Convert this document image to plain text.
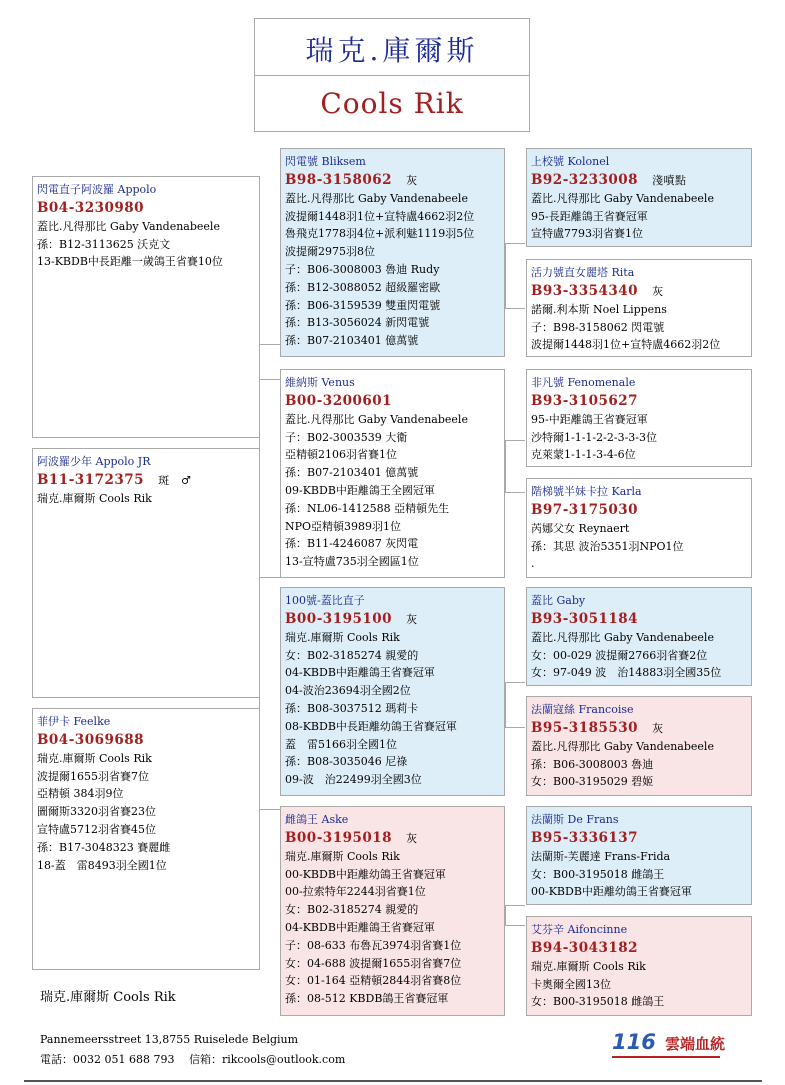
瑞克.庫爾斯
Cools Rik
閃電直子阿波羅 Appolo
B04-3230980
蓋比.凡得那比 Gaby Vandenabeele
孫：B12-3113625 沃克文
13-KBDB中長距離一歲鴿王省賽10位
阿波羅少年 Appolo JR
B11-3172375 斑　♂
瑞克.庫爾斯 Cools Rik
菲伊卡 Feelke
B04-3069688
瑞克.庫爾斯 Cools Rik
波提爾1655羽省賽7位
亞精頓 384羽9位
圖爾斯3320羽省賽23位
宣特盧5712羽省賽45位
孫：B17-3048323 賽麗雌
18-蓋　雷8493羽全國1位
閃電號 Bliksem
B98-3158062 灰
蓋比.凡得那比 Gaby Vandenabeele
波提爾1448羽1位+宣特盧4662羽2位
魯飛克1778羽4位+派利魅1119羽5位
波提爾2975羽8位
子：B06-3008003 魯迪 Rudy
孫：B12-3088052 超級羅密歐
孫：B06-3159539 雙重閃電號
孫：B13-3056024 新閃電號
孫：B07-2103401 億萬號
維納斯 Venus
B00-3200601
蓋比.凡得那比 Gaby Vandenabeele
子：B02-3003539 大衛
亞精頓2106羽省賽1位
孫：B07-2103401 億萬號
09-KBDB中距離鴿王全國冠軍
孫：NL06-1412588 亞精頓先生
NPO亞精頓3989羽1位
孫：B11-4246087 灰閃電
13-宣特盧735羽全國區1位
100號-蓋比直子
B00-3195100 灰
瑞克.庫爾斯 Cools Rik
女：B02-3185274 親愛的
04-KBDB中距離鴿王省賽冠軍
04-波治23694羽全國2位
孫：B08-3037512 瑪莉卡
08-KBDB中長距離幼鴿王省賽冠軍
蓋　雷5166羽全國1位
孫：B08-3035046 尼祿
09-波　治22499羽全國3位
雌鴿王 Aske
B00-3195018 灰
瑞克.庫爾斯 Cools Rik
00-KBDB中距離幼鴿王省賽冠軍
00-拉索特年2244羽省賽1位
女：B02-3185274 親愛的
04-KBDB中距離鴿王省賽冠軍
子：08-633 布魯瓦3974羽省賽1位
女：04-688 波提爾1655羽省賽7位
女：01-164 亞精頓2844羽省賽8位
孫：08-512 KBDB鴿王省賽冠軍
上校號 Kolonel
B92-3233008 淺噴點
蓋比.凡得那比 Gaby Vandenabeele
95-長距離鴿王省賽冠軍
宣特盧7793羽省賽1位
活力號直女麗塔 Rita
B93-3354340 灰
諾爾.利本斯 Noel Lippens
子：B98-3158062 閃電號
波提爾1448羽1位+宣特盧4662羽2位
非凡號 Fenomenale
B93-3105627
95-中距離鴿王省賽冠軍
沙特爾1-1-1-2-2-3-3-3位
克萊蒙1-1-1-3-4-6位
階梯號半妹卡拉 Karla
B97-3175030
芮娜父女 Reynaert
孫：其思 波治5351羽NPO1位
.
蓋比 Gaby
B93-3051184
蓋比.凡得那比 Gaby Vandenabeele
女：00-029 波提爾2766羽省賽2位
女：97-049 波　治14883羽全國35位
法蘭寇絲 Francoise
B95-3185530 灰
蓋比.凡得那比 Gaby Vandenabeele
孫：B06-3008003 魯迪
女：B00-3195029 碧姬
法蘭斯 De Frans
B95-3336137
法蘭斯-芙麗達 Frans-Frida
女：B00-3195018 雌鴿王
00-KBDB中距離幼鴿王省賽冠軍
艾芬辛 Aifoncinne
B94-3043182
瑞克.庫爾斯 Cools Rik
卡奧爾全國13位
女：B00-3195018 雌鴿王
瑞克.庫爾斯 Cools Rik
Pannemeersstreet 13,8755 Ruiselede Belgium
電話：0032 051 688 793　 信箱：rikcools@outlook.com
116 雲端血統
